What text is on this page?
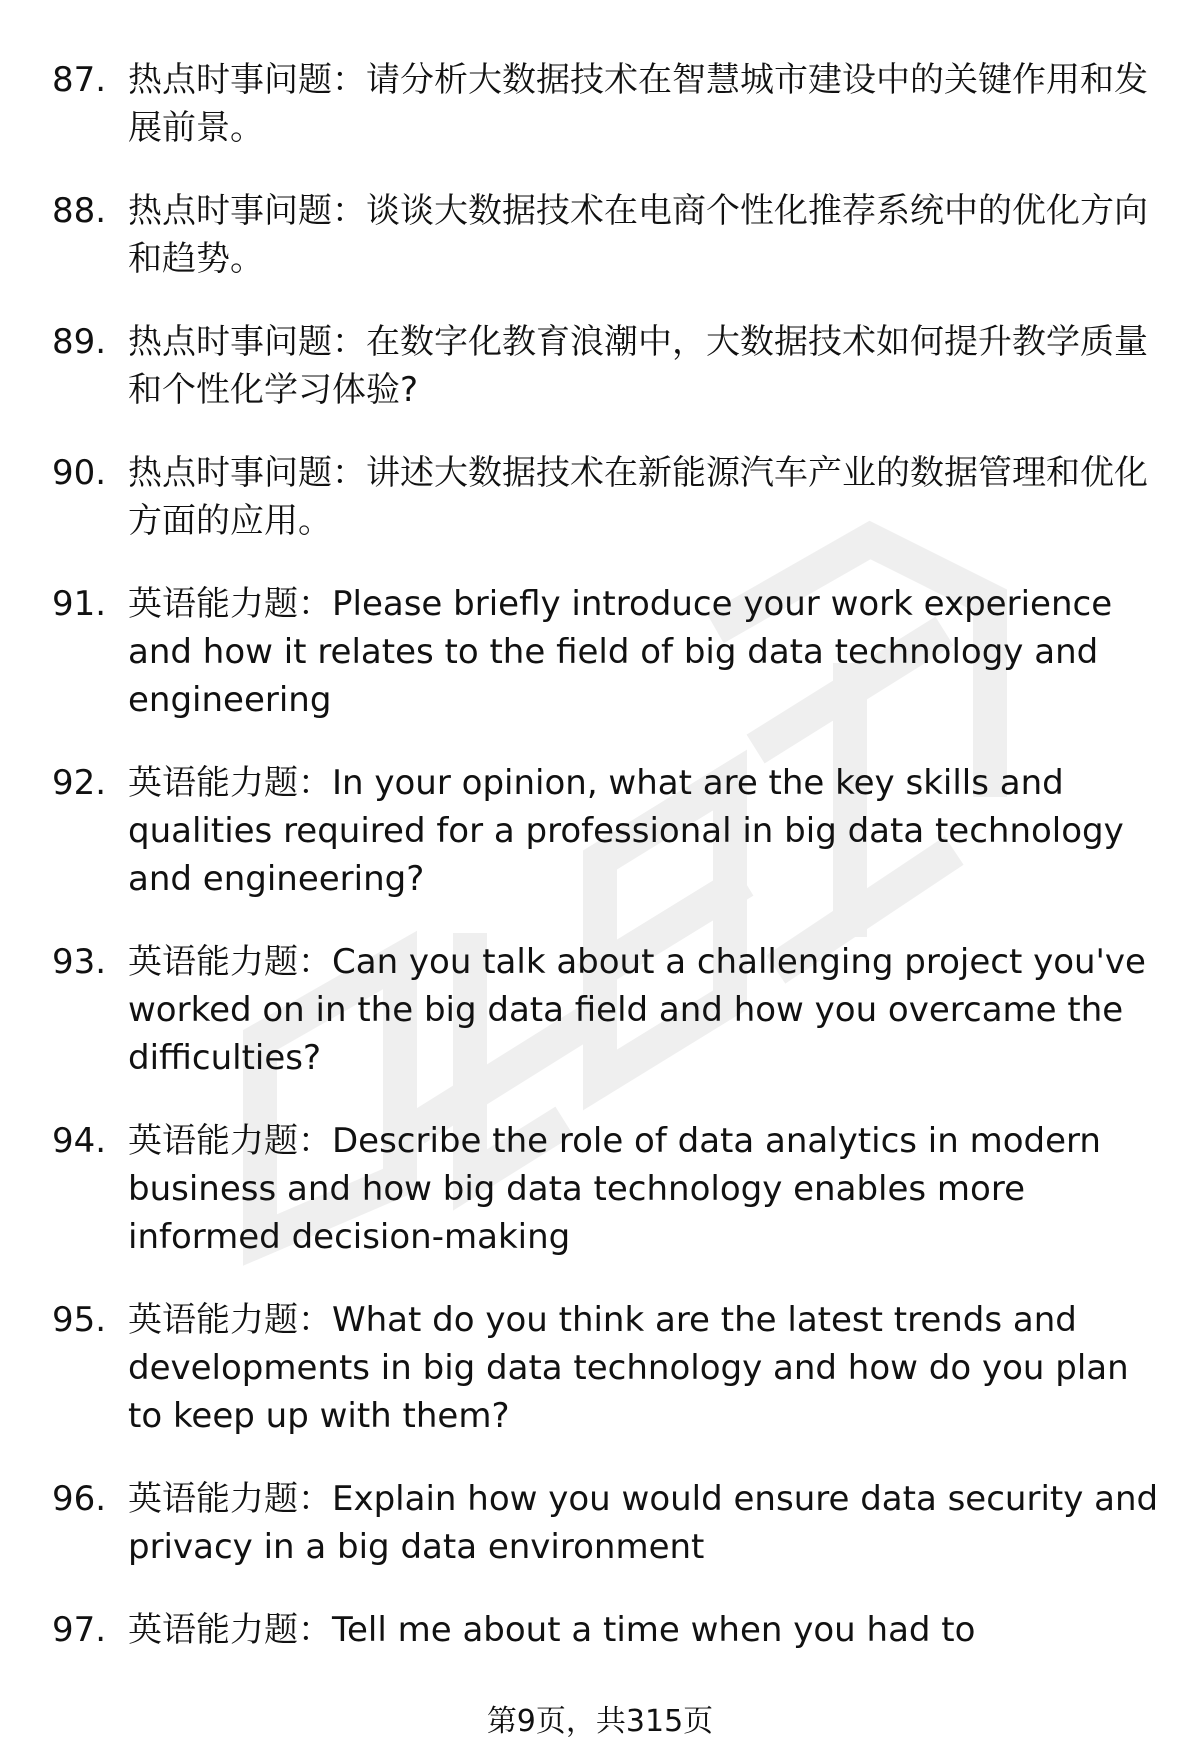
87. 热点时事问题：请分析大数据技术在智慧城市建设中的关键作用和发展前景。
88. 热点时事问题：谈谈大数据技术在电商个性化推荐系统中的优化方向和趋势。
89. 热点时事问题：在数字化教育浪潮中，大数据技术如何提升教学质量和个性化学习体验?
90. 热点时事问题：讲述大数据技术在新能源汽车产业的数据管理和优化方面的应用。
91. 英语能力题：Please briefly introduce your work experience and how it relates to the field of big data technology and engineering
92. 英语能力题：In your opinion, what are the key skills and qualities required for a professional in big data technology and engineering?
93. 英语能力题：Can you talk about a challenging project you've worked on in the big data field and how you overcame the difficulties?
94. 英语能力题：Describe the role of data analytics in modern business and how big data technology enables more informed decision-making
95. 英语能力题：What do you think are the latest trends and developments in big data technology and how do you plan to keep up with them?
96. 英语能力题：Explain how you would ensure data security and privacy in a big data environment
97. 英语能力题：Tell me about a time when you had to
第9页，共315页
